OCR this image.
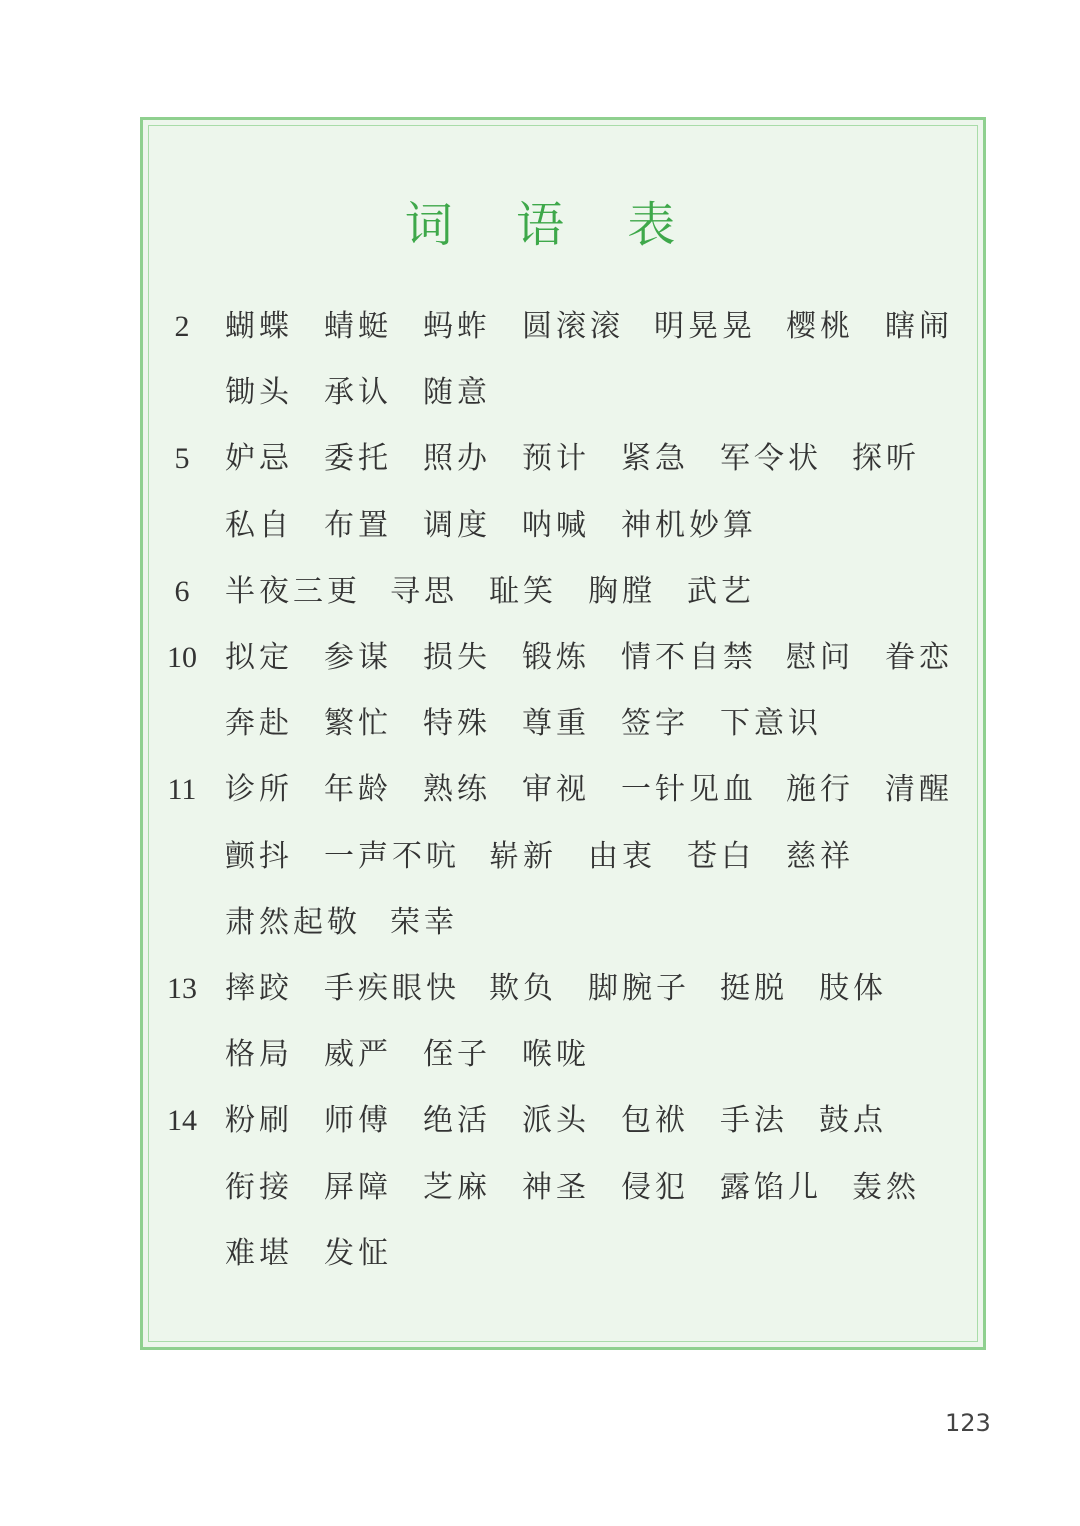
词 语 表
2	蝴蝶 蜻蜓 蚂蚱 圆滚滚 明晃晃 樱桃 瞎闹
锄头 承认 随意
5	妒忌 委托 照办 预计 紧急 军令状 探听
私自 布置 调度 呐喊 神机妙算
6	半夜三更 寻思 耻笑 胸膛 武艺
10 拟定 参谋 损失 锻炼 情不自禁 慰问 眷恋
奔赴 繁忙 特殊 尊重 签字 下意识
11 诊所 年龄 熟练 审视 一针见血 施行 清醒
颤抖 一声不吭 崭新 由衷 苍白 慈祥
肃然起敬 荣幸
13 摔跤 手疾眼快 欺负 脚腕子 挺脱 肢体
格局 威严 侄子 喉咙
14 粉刷 师傅 绝活 派头 包袱 手法 鼓点
衔接 屏障 芝麻 神圣 侵犯 露馅儿 轰然
难堪 发怔
123
